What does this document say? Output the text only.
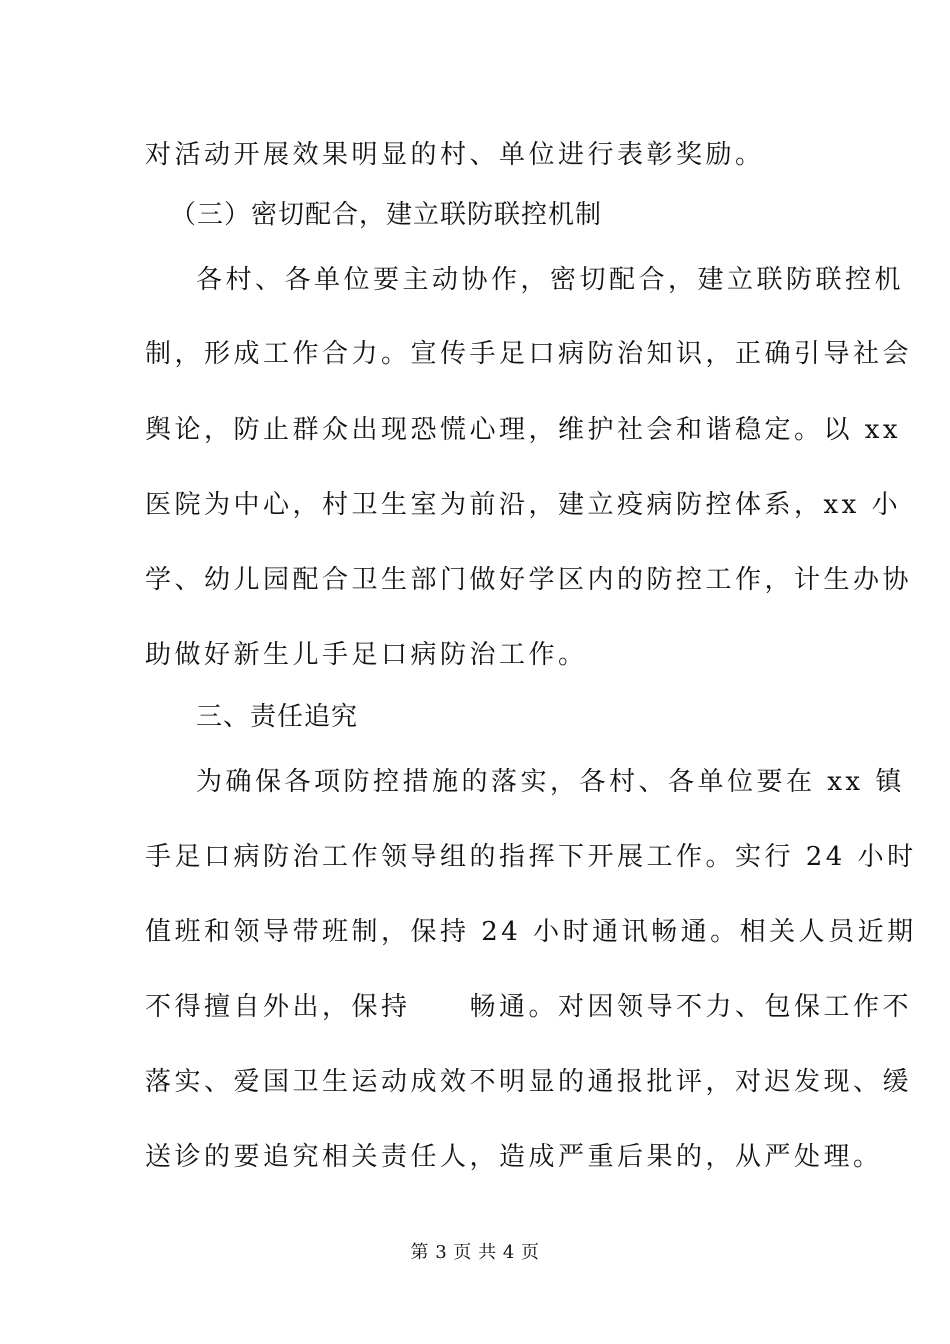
对活动开展效果明显的村、单位进行表彰奖励。
（三）密切配合，建立联防联控机制
各村、各单位要主动协作，密切配合，建立联防联控机
制，形成工作合力。宣传手足口病防治知识，正确引导社会
舆论，防止群众出现恐慌心理，维护社会和谐稳定。以 xx
医院为中心，村卫生室为前沿，建立疫病防控体系，xx 小
学、幼儿园配合卫生部门做好学区内的防控工作，计生办协
助做好新生儿手足口病防治工作。
三、责任追究
为确保各项防控措施的落实，各村、各单位要在 xx 镇
手足口病防治工作领导组的指挥下开展工作。实行 24 小时
值班和领导带班制，保持 24 小时通讯畅通。相关人员近期
不得擅自外出，保持　　畅通。对因领导不力、包保工作不
落实、爱国卫生运动成效不明显的通报批评，对迟发现、缓
送诊的要追究相关责任人，造成严重后果的，从严处理。
第 3 页 共 4 页
